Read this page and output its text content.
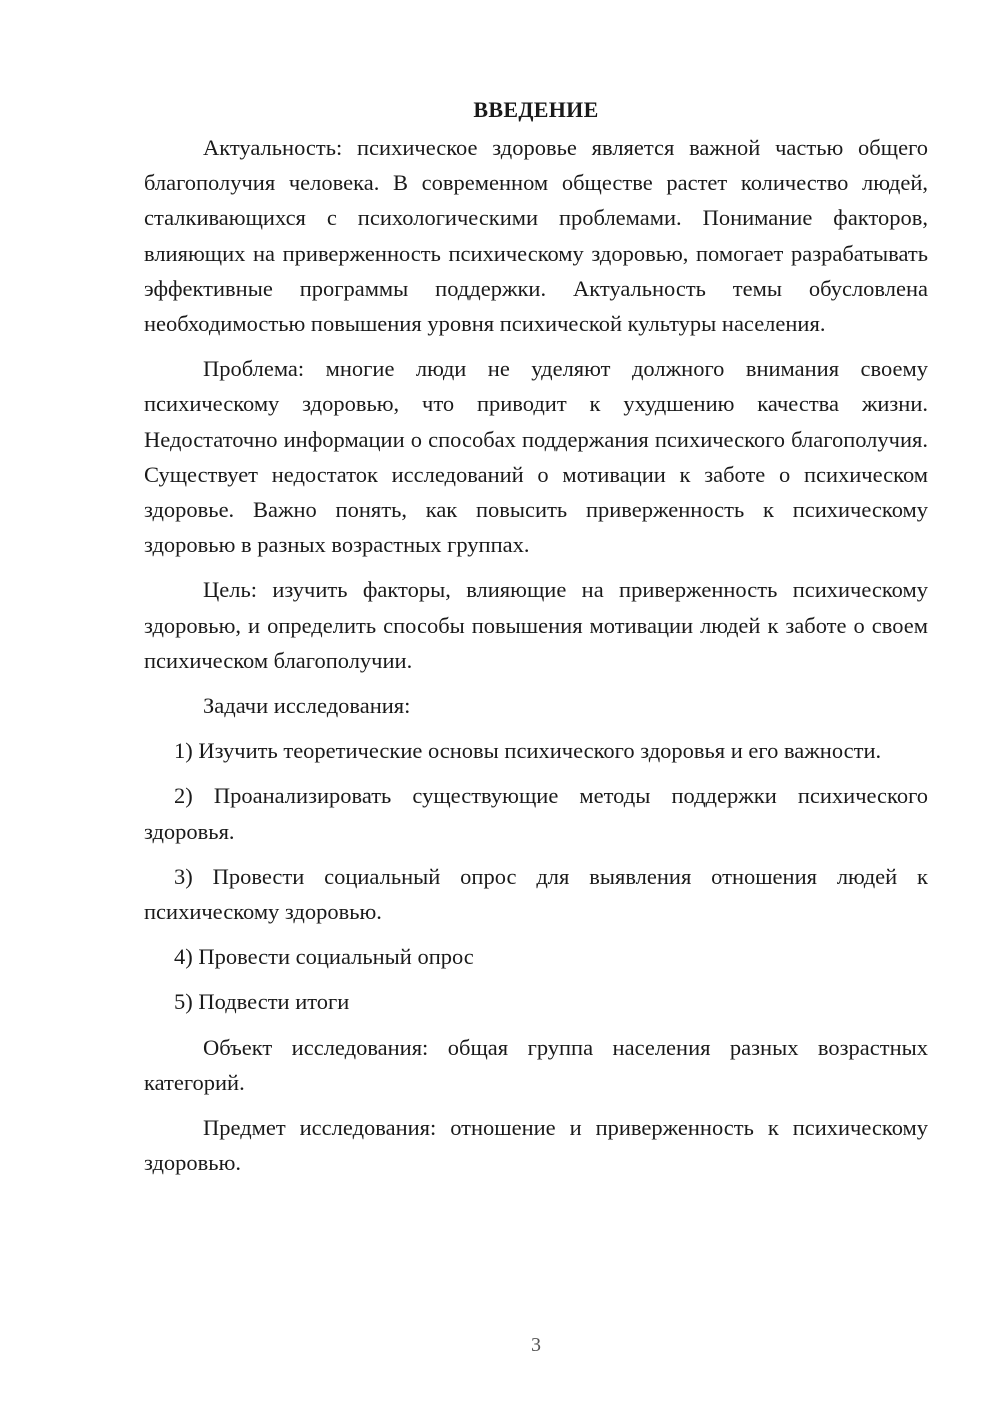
ВВЕДЕНИЕ

Актуальность: психическое здоровье является важной частью общего благополучия человека. В современном обществе растет количество людей, сталкивающихся с психологическими проблемами. Понимание факторов, влияющих на приверженность психическому здоровью, помогает разрабатывать эффективные программы поддержки. Актуальность темы обусловлена необходимостью повышения уровня психической культуры населения.

Проблема: многие люди не уделяют должного внимания своему психическому здоровью, что приводит к ухудшению качества жизни. Недостаточно информации о способах поддержания психического благополучия. Существует недостаток исследований о мотивации к заботе о психическом здоровье. Важно понять, как повысить приверженность к психическому здоровью в разных возрастных группах.

Цель: изучить факторы, влияющие на приверженность психическому здоровью, и определить способы повышения мотивации людей к заботе о своем психическом благополучии.

Задачи исследования:

1) Изучить теоретические основы психического здоровья и его важности.

2) Проанализировать существующие методы поддержки психического здоровья.

3) Провести социальный опрос для выявления отношения людей к психическому здоровью.

4) Провести социальный опрос

5) Подвести итоги

Объект исследования: общая группа населения разных возрастных категорий.

Предмет исследования: отношение и приверженность к психическому здоровью.

3
